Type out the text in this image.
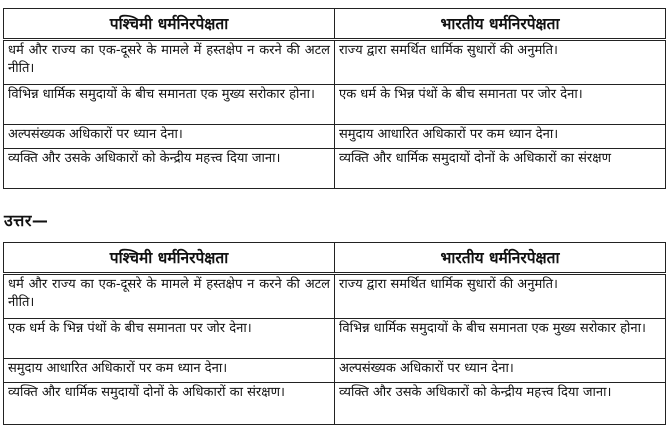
पश्चिमी धर्मनिरपेक्षता	भारतीय धर्मनिरपेक्षता
धर्म और राज्य का एक-दूसरे के मामले में हस्तक्षेप न करने की अटल नीति।	राज्य द्वारा समर्थित धार्मिक सुधारों की अनुमति।
विभिन्न धार्मिक समुदायों के बीच समानता एक मुख्य सरोकार होना।	एक धर्म के भिन्न पंथों के बीच समानता पर जोर देना।
अल्पसंख्यक अधिकारों पर ध्यान देना।	समुदाय आधारित अधिकारों पर कम ध्यान देना।
व्यक्ति और उसके अधिकारों को केन्द्रीय महत्त्व दिया जाना।	व्यक्ति और धार्मिक समुदायों दोनों के अधिकारों का संरक्षण
उत्तर—
पश्चिमी धर्मनिरपेक्षता	भारतीय धर्मनिरपेक्षता
धर्म और राज्य का एक-दूसरे के मामले में हस्तक्षेप न करने की अटल नीति।	राज्य द्वारा समर्थित धार्मिक सुधारों की अनुमति।
एक धर्म के भिन्न पंथों के बीच समानता पर जोर देना।	विभिन्न धार्मिक समुदायों के बीच समानता एक मुख्य सरोकार होना।
समुदाय आधारित अधिकारों पर कम ध्यान देना।	अल्पसंख्यक अधिकारों पर ध्यान देना।
व्यक्ति और धार्मिक समुदायों दोनों के अधिकारों का संरक्षण।	व्यक्ति और उसके अधिकारों को केन्द्रीय महत्त्व दिया जाना।
